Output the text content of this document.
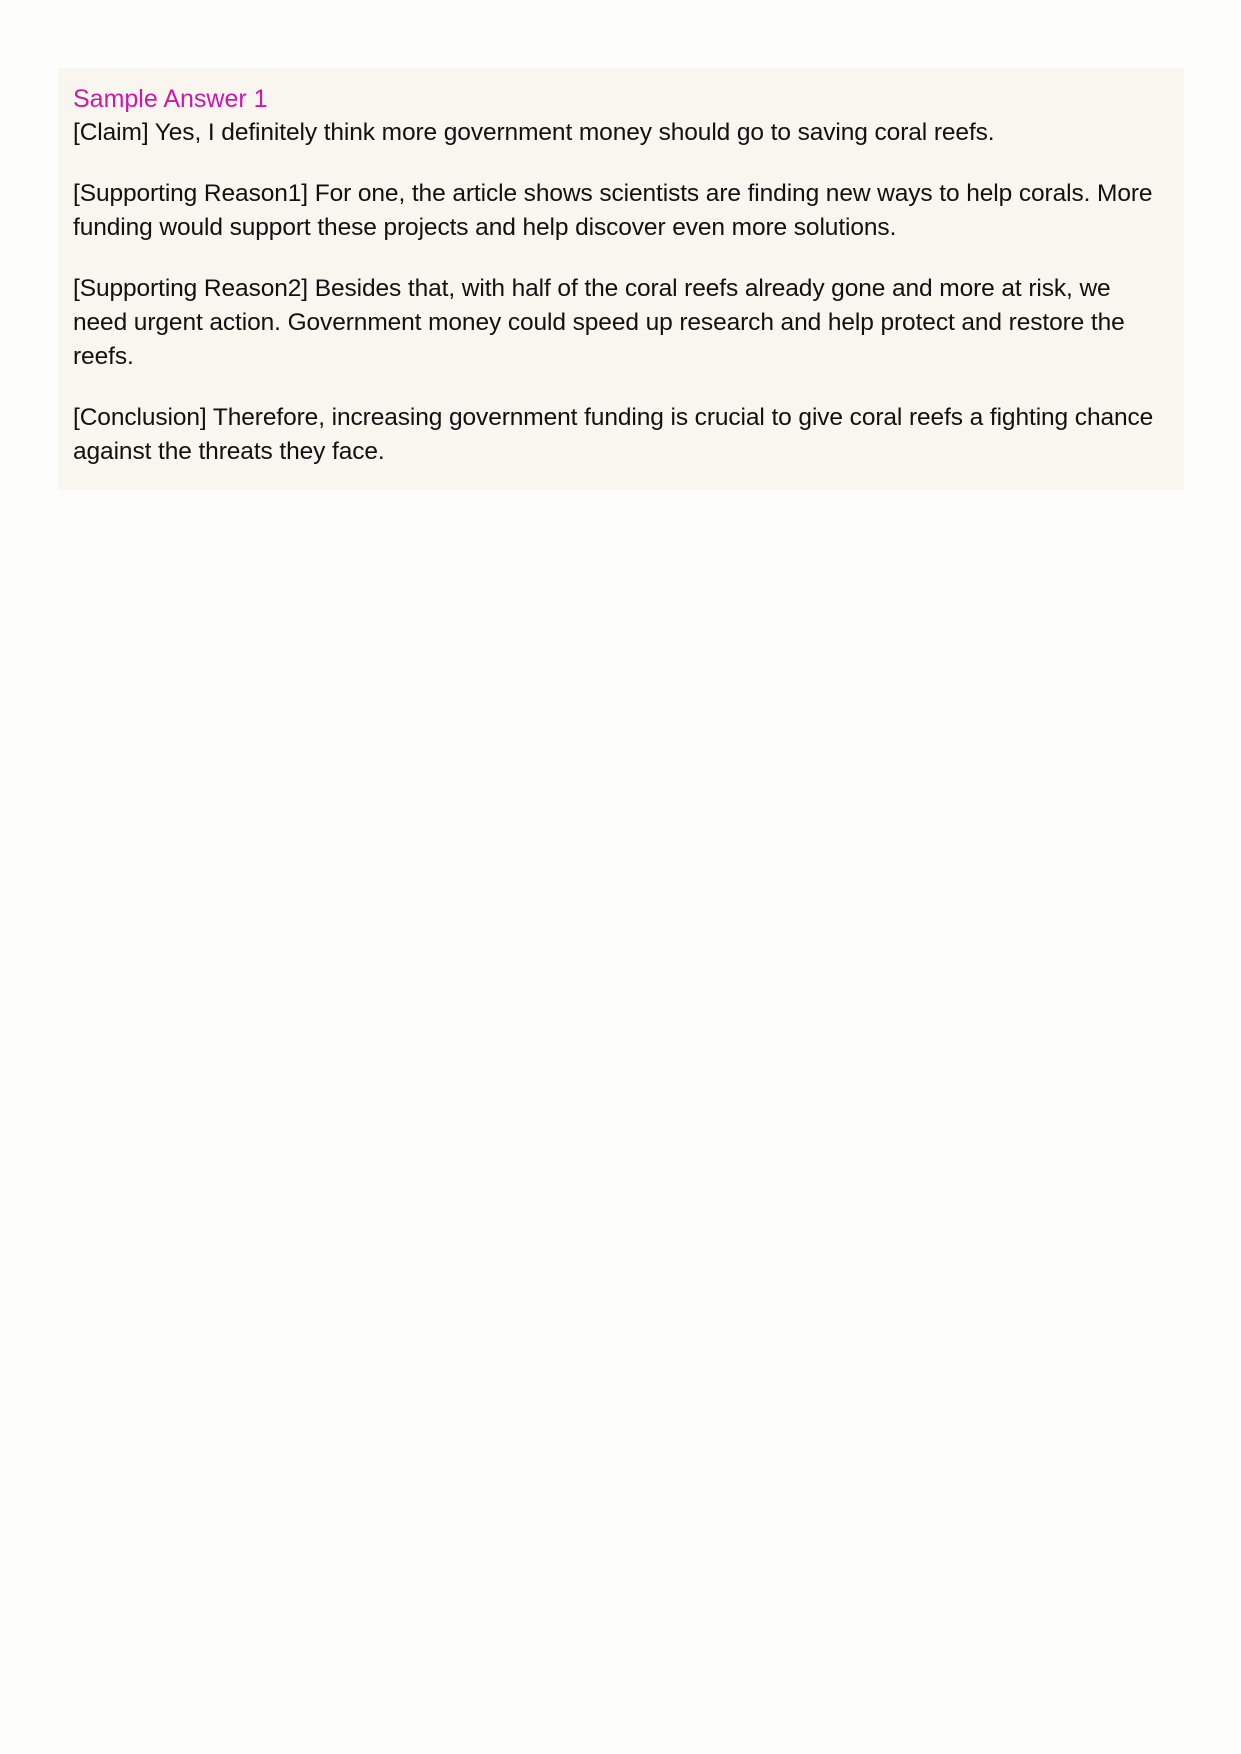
Sample Answer 1

[Claim] Yes, I definitely think more government money should go to saving coral reefs.

[Supporting Reason1] For one, the article shows scientists are finding new ways to help corals. More funding would support these projects and help discover even more solutions.

[Supporting Reason2] Besides that, with half of the coral reefs already gone and more at risk, we need urgent action. Government money could speed up research and help protect and restore the reefs.

[Conclusion] Therefore, increasing government funding is crucial to give coral reefs a fighting chance against the threats they face.
